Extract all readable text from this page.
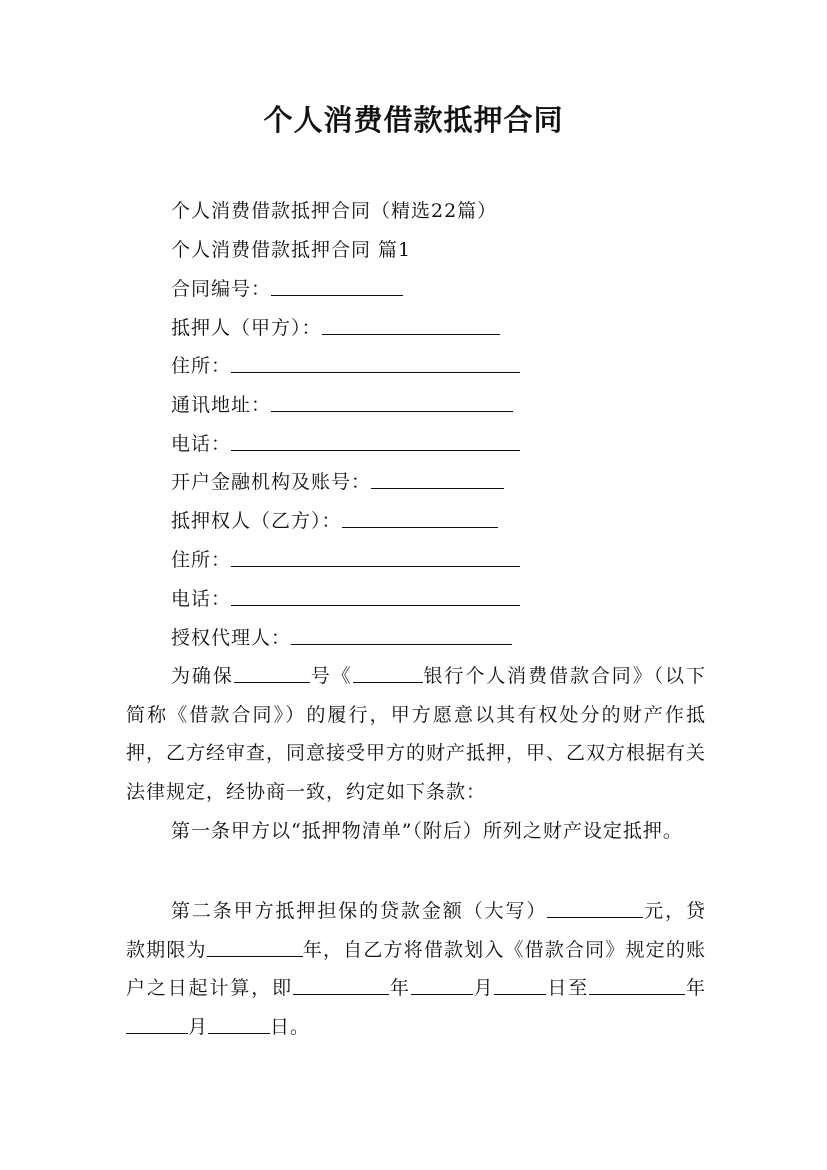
个人消费借款抵押合同
个人消费借款抵押合同（精选22篇）
个人消费借款抵押合同 篇1
合同编号：
抵押人（甲方）：
住所：
通讯地址：
电话：
开户金融机构及账号：
抵押权人（乙方）：
住所：
电话：
授权代理人：
为确保	号《	银行个人消费借款合同》（以下简称《借款合同》）的履行，甲方愿意以其有权处分的财产作抵押，乙方经审查，同意接受甲方的财产抵押，甲、乙双方根据有关法律规定，经协商一致，约定如下条款：
第一条甲方以“抵押物清单”（附后）所列之财产设定抵押。
第二条甲方抵押担保的贷款金额（大写）	元，贷款期限为	年，自乙方将借款划入《借款合同》规定的账户之日起计算，即	年	月	日至	年月	日。
